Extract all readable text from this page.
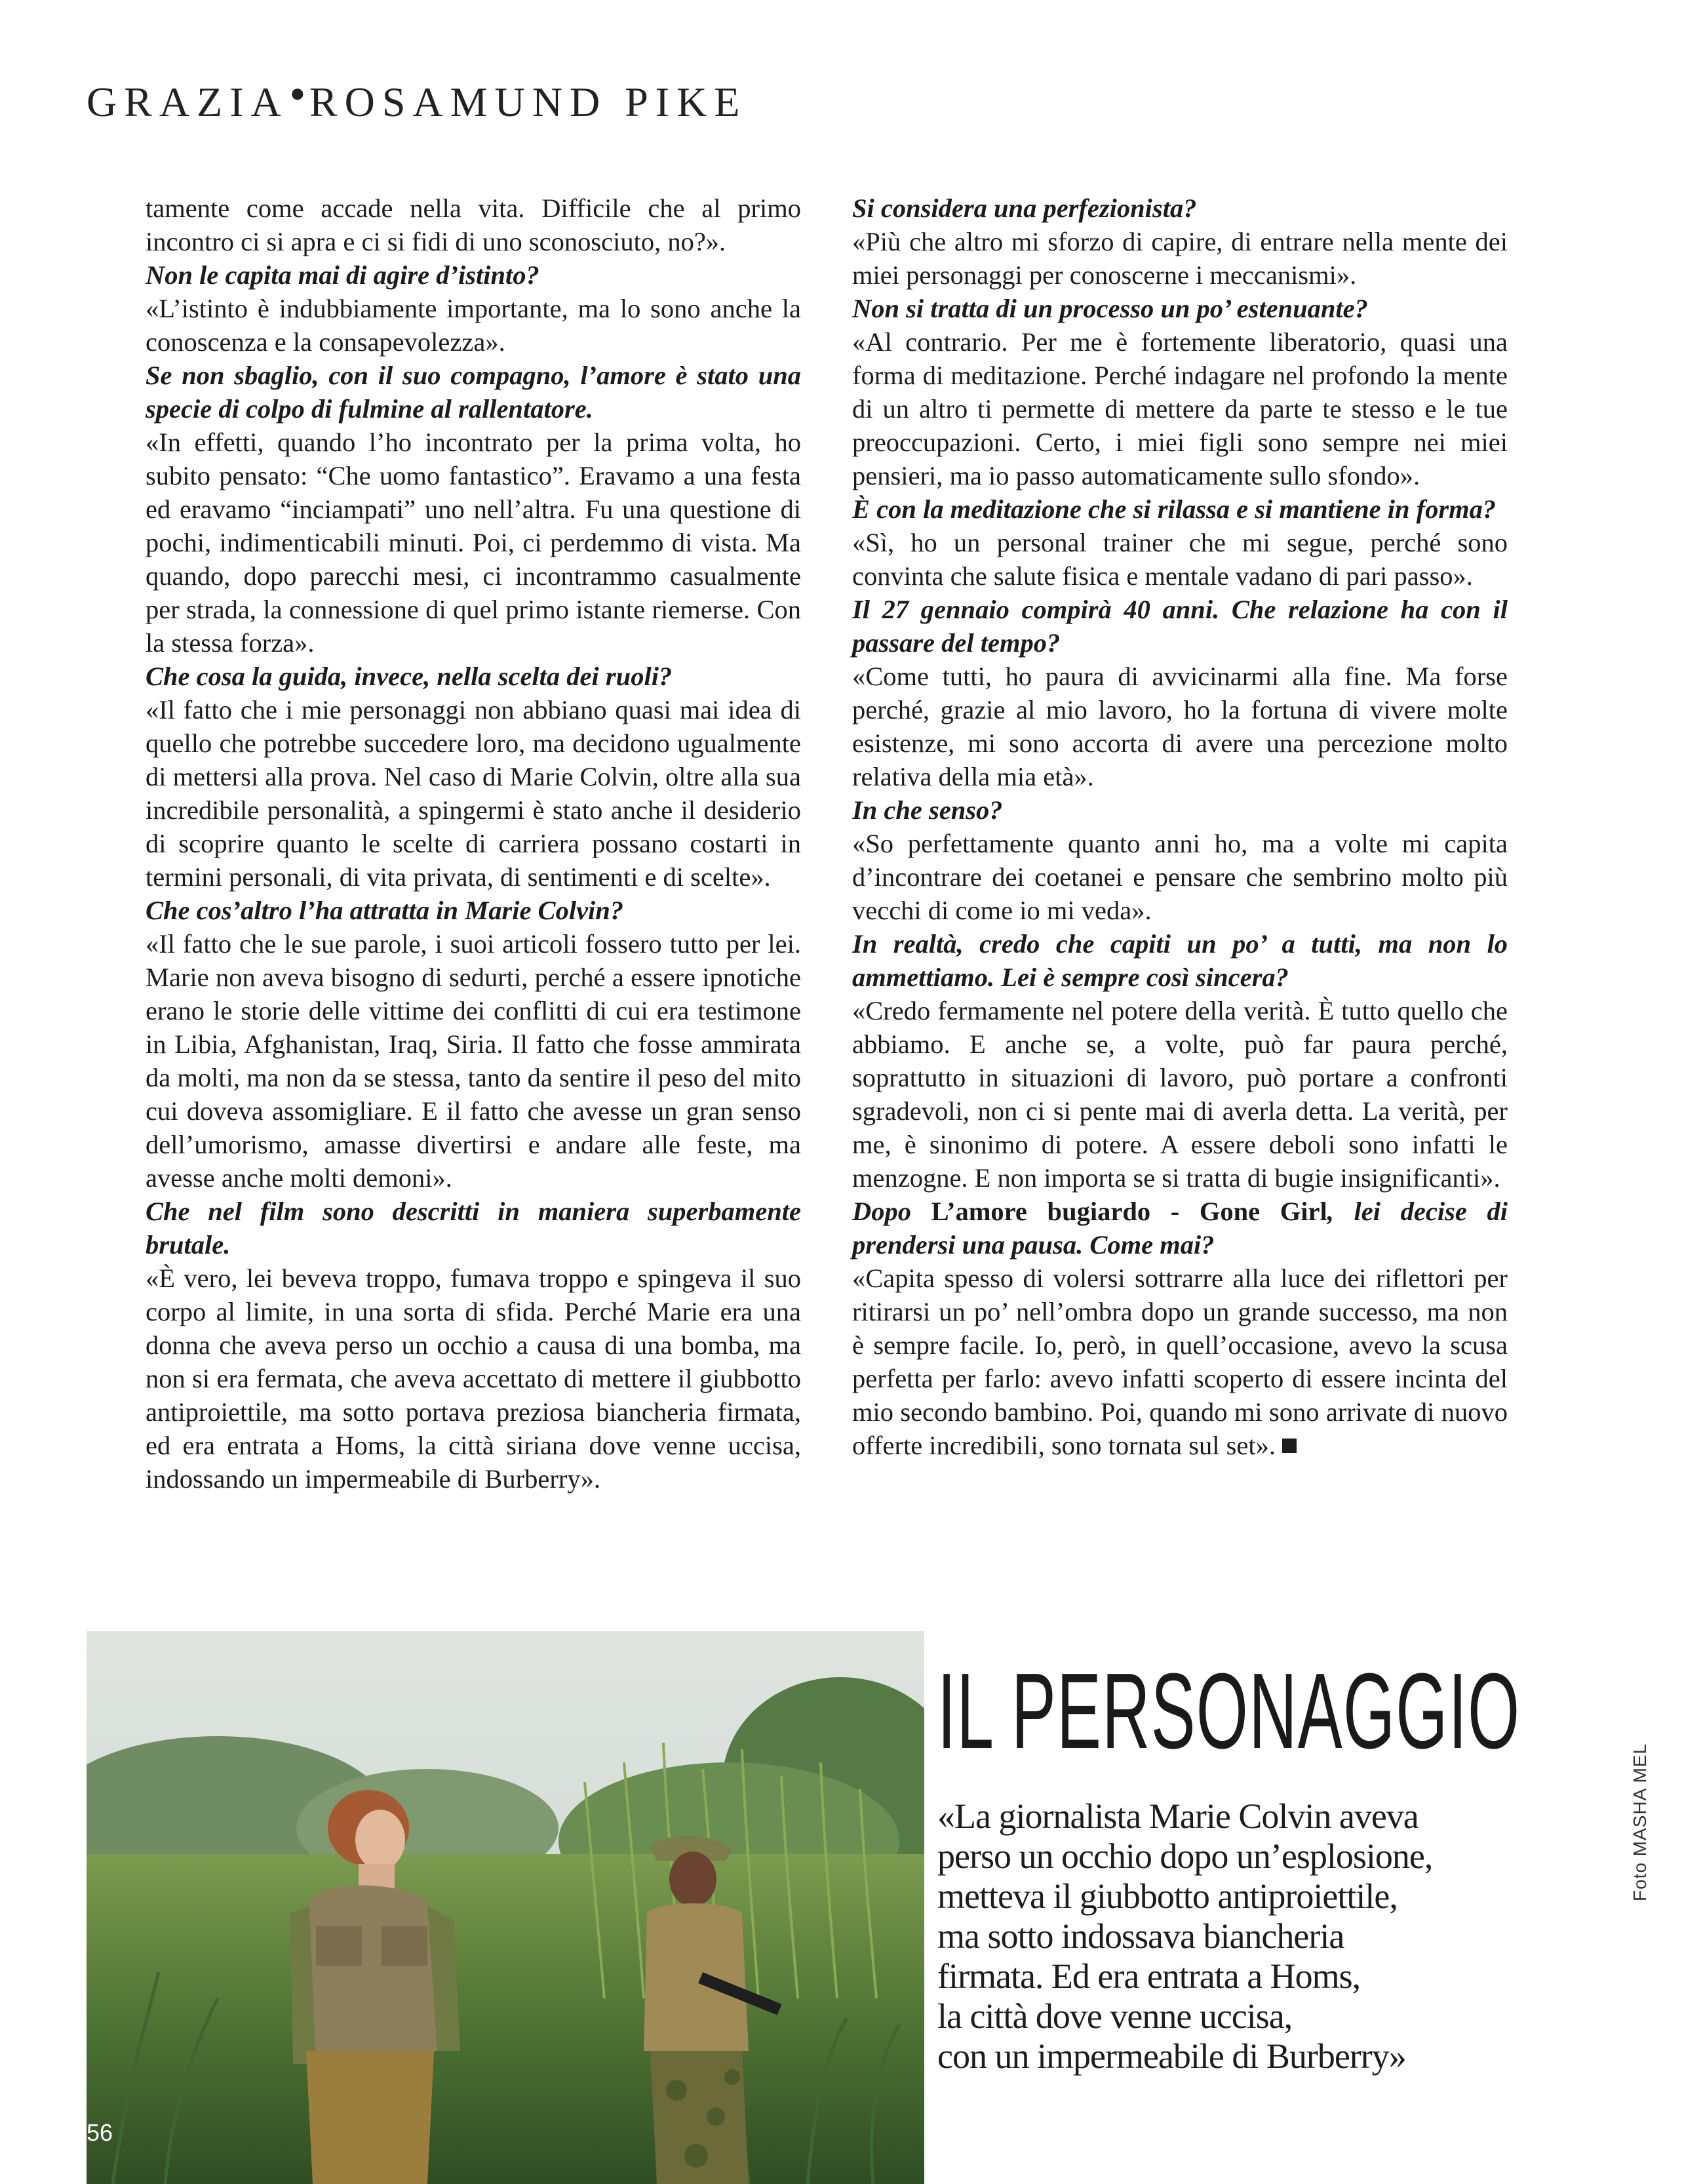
GRAZIA●ROSAMUND PIKE

tamente come accade nella vita. Difficile che al primo incontro ci si apra e ci si fidi di uno sconosciuto, no?».

Non le capita mai di agire d’istinto?

«L’istinto è indubbiamente importante, ma lo sono anche la conoscenza e la consapevolezza».

Se non sbaglio, con il suo compagno, l’amore è stato una specie di colpo di fulmine al rallentatore.

«In effetti, quando l’ho incontrato per la prima volta, ho subito pensato: “Che uomo fantastico”. Eravamo a una festa ed eravamo “inciampati” uno nell’altra. Fu una questione di pochi, indimenticabili minuti. Poi, ci perdemmo di vista. Ma quando, dopo parecchi mesi, ci incontrammo casualmente per strada, la connessione di quel primo istante riemerse. Con la stessa forza».

Che cosa la guida, invece, nella scelta dei ruoli?

«Il fatto che i mie personaggi non abbiano quasi mai idea di quello che potrebbe succedere loro, ma decidono ugualmente di mettersi alla prova. Nel caso di Marie Colvin, oltre alla sua incredibile personalità, a spingermi è stato anche il desiderio di scoprire quanto le scelte di carriera possano costarti in termini personali, di vita privata, di sentimenti e di scelte».

Che cos’altro l’ha attratta in Marie Colvin?

«Il fatto che le sue parole, i suoi articoli fossero tutto per lei. Marie non aveva bisogno di sedurti, perché a essere ipnotiche erano le storie delle vittime dei conflitti di cui era testimone in Libia, Afghanistan, Iraq, Siria. Il fatto che fosse ammirata da molti, ma non da se stessa, tanto da sentire il peso del mito cui doveva assomigliare. E il fatto che avesse un gran senso dell’umorismo, amasse divertirsi e andare alle feste, ma avesse anche molti demoni».

Che nel film sono descritti in maniera superbamente brutale.

«È vero, lei beveva troppo, fumava troppo e spingeva il suo corpo al limite, in una sorta di sfida. Perché Marie era una donna che aveva perso un occhio a causa di una bomba, ma non si era fermata, che aveva accettato di mettere il giubbotto antiproiettile, ma sotto portava preziosa biancheria firmata, ed era entrata a Homs, la città siriana dove venne uccisa, indossando un impermeabile di Burberry».

Si considera una perfezionista?

«Più che altro mi sforzo di capire, di entrare nella mente dei miei personaggi per conoscerne i meccanismi».

Non si tratta di un processo un po’ estenuante?

«Al contrario. Per me è fortemente liberatorio, quasi una forma di meditazione. Perché indagare nel profondo la mente di un altro ti permette di mettere da parte te stesso e le tue preoccupazioni. Certo, i miei figli sono sempre nei miei pensieri, ma io passo automaticamente sullo sfondo».

È con la meditazione che si rilassa e si mantiene in forma?

«Sì, ho un personal trainer che mi segue, perché sono convinta che salute fisica e mentale vadano di pari passo».

Il 27 gennaio compirà 40 anni. Che relazione ha con il passare del tempo?

«Come tutti, ho paura di avvicinarmi alla fine. Ma forse perché, grazie al mio lavoro, ho la fortuna di vivere molte esistenze, mi sono accorta di avere una percezione molto relativa della mia età».

In che senso?

«So perfettamente quanto anni ho, ma a volte mi capita d’incontrare dei coetanei e pensare che sembrino molto più vecchi di come io mi veda».

In realtà, credo che capiti un po’ a tutti, ma non lo ammettiamo. Lei è sempre così sincera?

«Credo fermamente nel potere della verità. È tutto quello che abbiamo. E anche se, a volte, può far paura perché, soprattutto in situazioni di lavoro, può portare a confronti sgradevoli, non ci si pente mai di averla detta. La verità, per me, è sinonimo di potere. A essere deboli sono infatti le menzogne. E non importa se si tratta di bugie insignificanti».

Dopo L’amore bugiardo - Gone Girl, lei decise di prendersi una pausa. Come mai?

«Capita spesso di volersi sottrarre alla luce dei riflettori per ritirarsi un po’ nell’ombra dopo un grande successo, ma non è sempre facile. Io, però, in quell’occasione, avevo la scusa perfetta per farlo: avevo infatti scoperto di essere incinta del mio secondo bambino. Poi, quando mi sono arrivate di nuovo offerte incredibili, sono tornata sul set».

56
IL PERSONAGGIO
«La giornalista Marie Colvin aveva
perso un occhio dopo un’esplosione,
metteva il giubbotto antiproiettile,
ma sotto indossava biancheria
firmata. Ed era entrata a Homs,
la città dove venne uccisa,
con un impermeabile di Burberry»
Foto MASHA MEL
